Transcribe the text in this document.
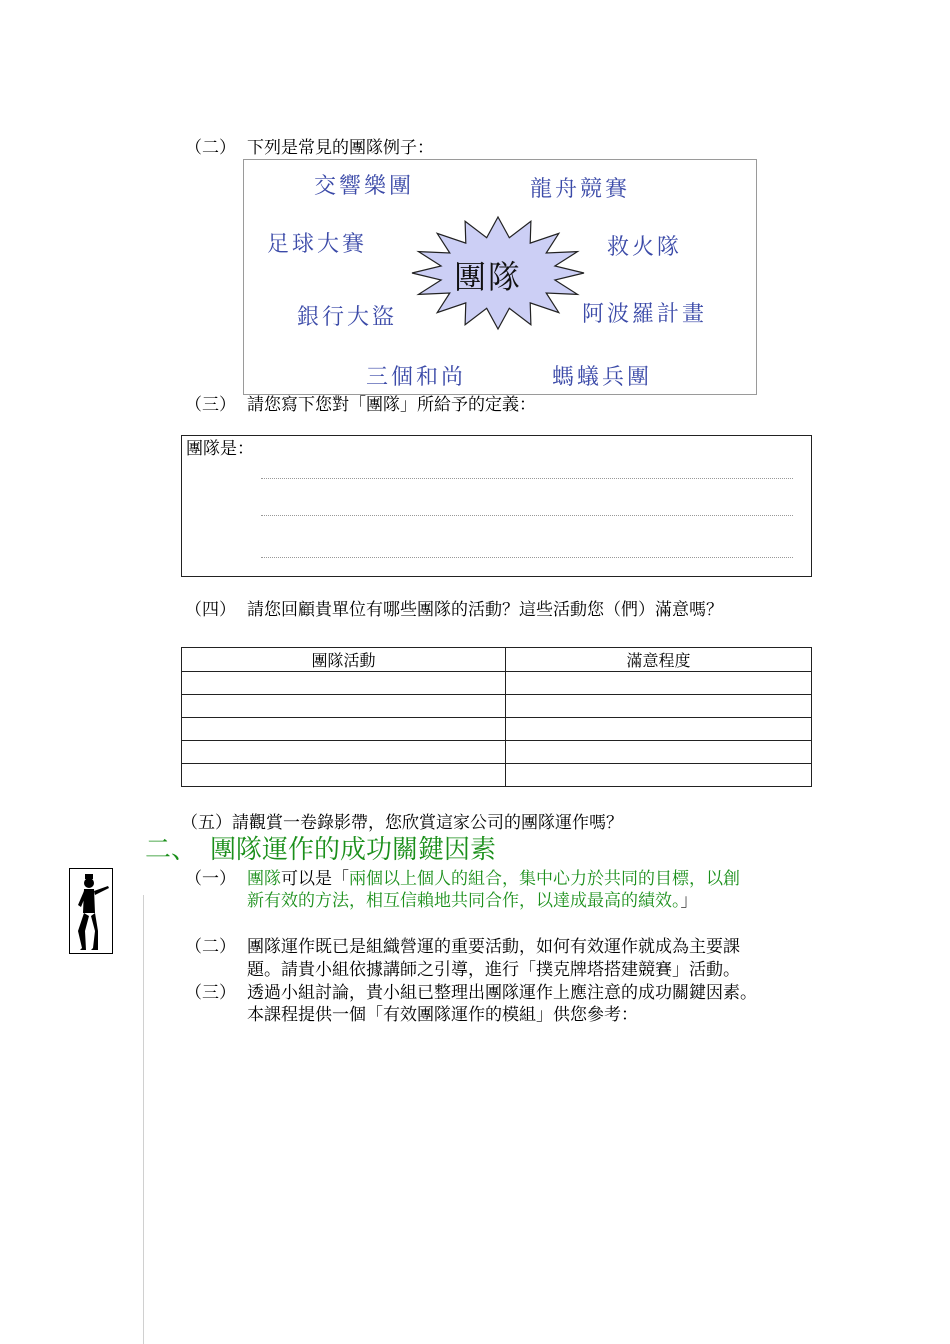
（二） 下列是常見的團隊例子：
團隊
交響樂團	龍舟競賽
足球大賽	救火隊
銀行大盜	阿波羅計畫
三個和尚	螞蟻兵團
（三） 請您寫下您對「團隊」所給予的定義：
團隊是：
（四） 請您回顧貴單位有哪些團隊的活動？這些活動您（們）滿意嗎？
團隊活動	滿意程度

（五）請觀賞一卷錄影帶，您欣賞這家公司的團隊運作嗎？
二、　團隊運作的成功關鍵因素
（一） 團隊可以是「兩個以上個人的組合，集中心力於共同的目標，以創
新有效的方法，相互信賴地共同合作，以達成最高的績效。」
（二） 團隊運作既已是組織營運的重要活動，如何有效運作就成為主要課
題。請貴小組依據講師之引導，進行「撲克牌塔搭建競賽」活動。
（三） 透過小組討論，貴小組已整理出團隊運作上應注意的成功關鍵因素。
本課程提供一個「有效團隊運作的模組」供您參考：
